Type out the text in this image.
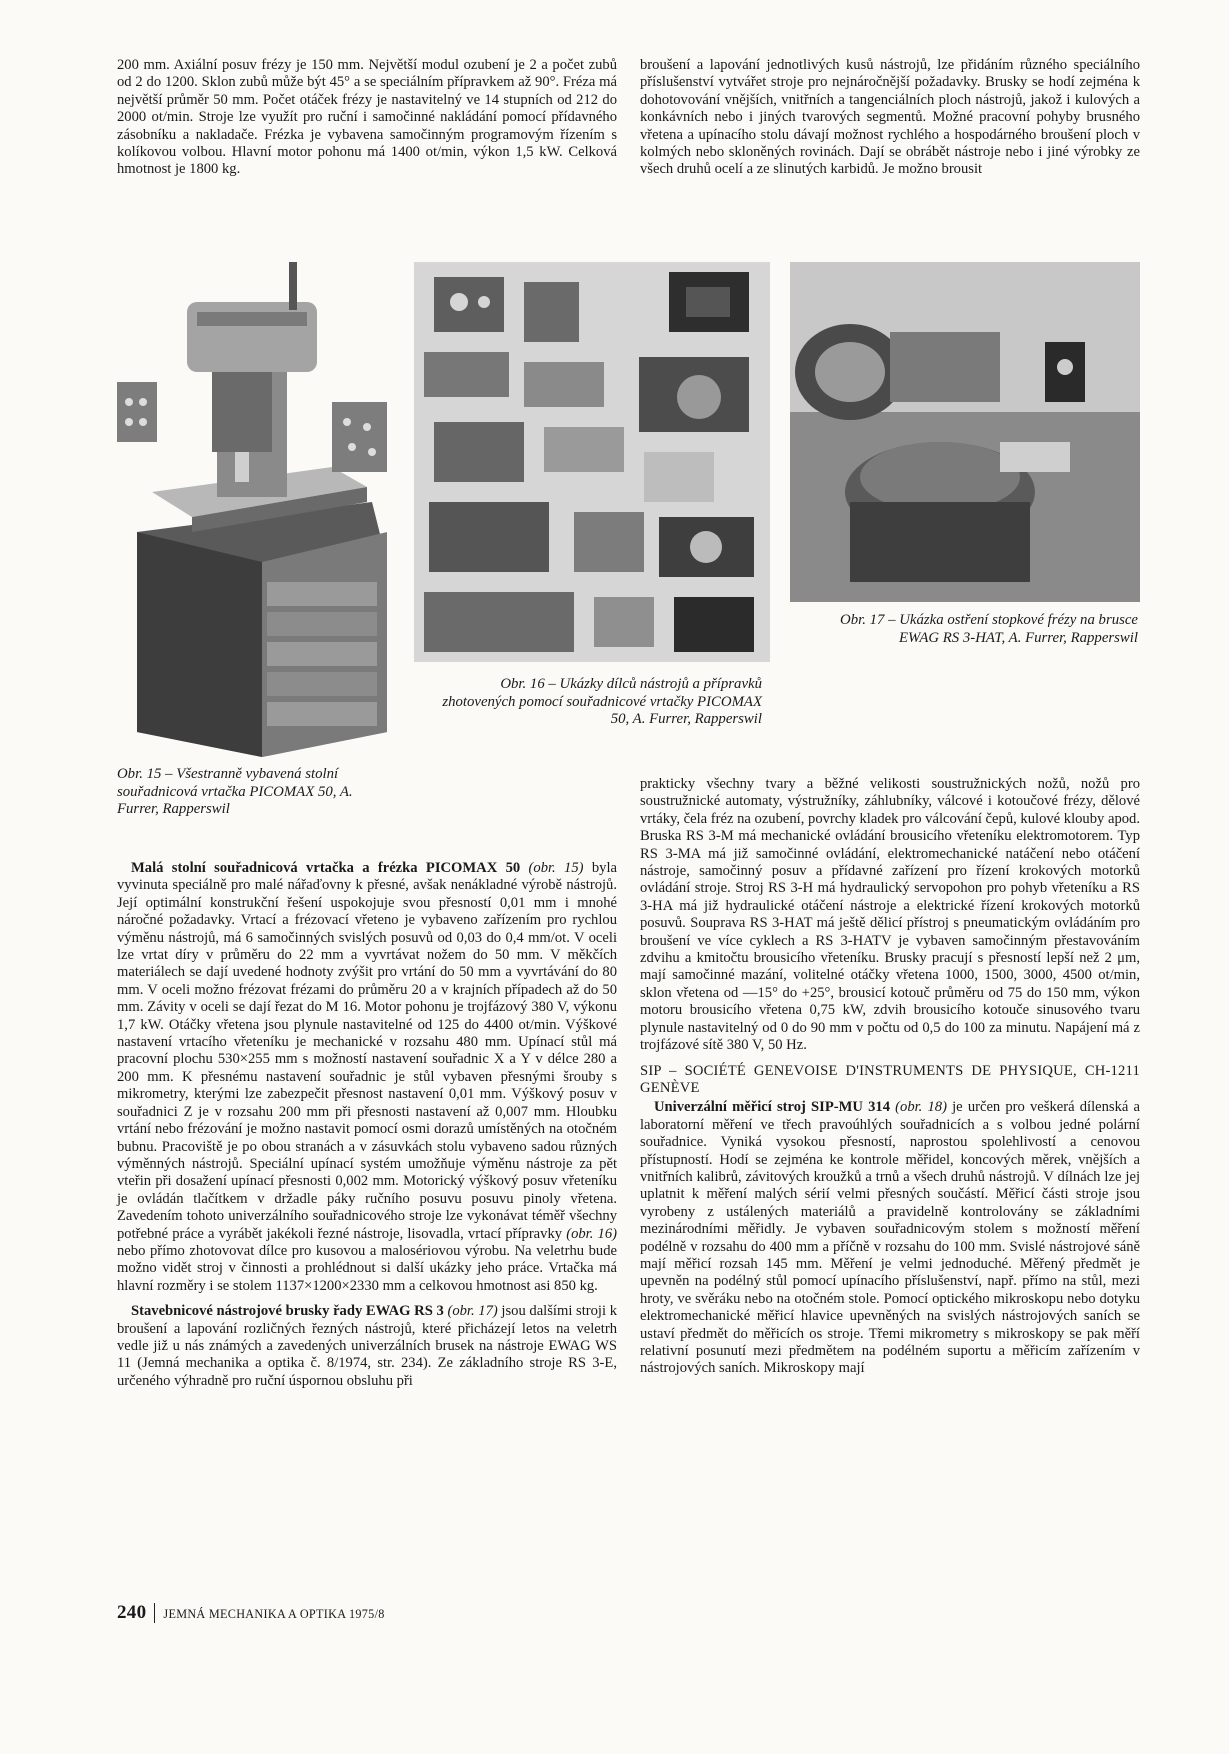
200 mm. Axiální posuv frézy je 150 mm. Největší modul ozubení je 2 a počet zubů od 2 do 1200. Sklon zubů může být 45° a se speciálním přípravkem až 90°. Fréza má největší průměr 50 mm. Počet otáček frézy je nastavitelný ve 14 stupních od 212 do 2000 ot/min. Stroje lze využít pro ruční i samočinné nakládání pomocí přídavného zásobníku a nakladače. Frézka je vybavena samočinným programovým řízením s kolíkovou volbou. Hlavní motor pohonu má 1400 ot/min, výkon 1,5 kW. Celková hmotnost je 1800 kg.

broušení a lapování jednotlivých kusů nástrojů, lze přidáním různého speciálního příslušenství vytvářet stroje pro nejnáročnější požadavky. Brusky se hodí zejména k dohotovování vnějších, vnitřních a tangenciálních ploch nástrojů, jakož i kulových a konkávních nebo i jiných tvarových segmentů. Možné pracovní pohyby brusného vřetena a upínacího stolu dávají možnost rychlého a hospodárného broušení ploch v kolmých nebo skloněných rovinách. Dají se obrábět nástroje nebo i jiné výrobky ze všech druhů ocelí a ze slinutých karbidů. Je možno brousit

Obr. 17 – Ukázka ostření stopkové frézy na brusce EWAG RS 3-HAT, A. Furrer, Rapperswil
Obr. 16 – Ukázky dílců nástrojů a přípravků zhotovených pomocí souřadnicové vrtačky PICOMAX 50, A. Furrer, Rapperswil
Obr. 15 – Všestranně vybavená stolní souřadnicová vrtačka PICOMAX 50, A. Furrer, Rapperswil

Malá stolní souřadnicová vrtačka a frézka PICOMAX 50 (obr. 15) byla vyvinuta speciálně pro malé nářaďovny k přesné, avšak nenákladné výrobě nástrojů. Její optimální konstrukční řešení uspokojuje svou přesností 0,01 mm i mnohé náročné požadavky. Vrtací a frézovací vřeteno je vybaveno zařízením pro rychlou výměnu nástrojů, má 6 samočinných svislých posuvů od 0,03 do 0,4 mm/ot. V oceli lze vrtat díry v průměru do 22 mm a vyvrtávat nožem do 50 mm. V měkčích materiálech se dají uvedené hodnoty zvýšit pro vrtání do 50 mm a vyvrtávání do 80 mm. V oceli možno frézovat frézami do průměru 20 a v krajních případech až do 50 mm. Závity v oceli se dají řezat do M 16. Motor pohonu je trojfázový 380 V, výkonu 1,7 kW. Otáčky vřetena jsou plynule nastavitelné od 125 do 4400 ot/min. Výškové nastavení vrtacího vřeteníku je mechanické v rozsahu 480 mm. Upínací stůl má pracovní plochu 530×255 mm s možností nastavení souřadnic X a Y v délce 280 a 200 mm. K přesnému nastavení souřadnic je stůl vybaven přesnými šrouby s mikrometry, kterými lze zabezpečit přesnost nastavení 0,01 mm. Výškový posuv v souřadnici Z je v rozsahu 200 mm při přesnosti nastavení až 0,007 mm. Hloubku vrtání nebo frézování je možno nastavit pomocí osmi dorazů umístěných na otočném bubnu. Pracoviště je po obou stranách a v zásuvkách stolu vybaveno sadou různých výměnných nástrojů. Speciální upínací systém umožňuje výměnu nástroje za pět vteřin při dosažení upínací přesnosti 0,002 mm. Motorický výškový posuv vřeteníku je ovládán tlačítkem v držadle páky ručního posuvu posuvu pinoly vřetena. Zavedením tohoto univerzálního souřadnicového stroje lze vykonávat téměř všechny potřebné práce a vyrábět jakékoli řezné nástroje, lisovadla, vrtací přípravky (obr. 16) nebo přímo zhotovovat dílce pro kusovou a malosériovou výrobu. Na veletrhu bude možno vidět stroj v činnosti a prohlédnout si další ukázky jeho práce. Vrtačka má hlavní rozměry i se stolem 1137×1200×2330 mm a celkovou hmotnost asi 850 kg.

Stavebnicové nástrojové brusky řady EWAG RS 3 (obr. 17) jsou dalšími stroji k broušení a lapování rozličných řezných nástrojů, které přicházejí letos na veletrh vedle již u nás známých a zavedených univerzálních brusek na nástroje EWAG WS 11 (Jemná mechanika a optika č. 8/1974, str. 234). Ze základního stroje RS 3-E, určeného výhradně pro ruční úspornou obsluhu při

prakticky všechny tvary a běžné velikosti soustružnických nožů, nožů pro soustružnické automaty, výstružníky, záhlubníky, válcové i kotoučové frézy, dělové vrtáky, čela fréz na ozubení, povrchy kladek pro válcování čepů, kulové klouby apod. Bruska RS 3-M má mechanické ovládání brousicího vřeteníku elektromotorem. Typ RS 3-MA má již samočinné ovládání, elektromechanické natáčení nebo otáčení nástroje, samočinný posuv a přídavné zařízení pro řízení krokových motorků ovládání stroje. Stroj RS 3-H má hydraulický servopohon pro pohyb vřeteníku a RS 3-HA má již hydraulické otáčení nástroje a elektrické řízení krokových motorků posuvů. Souprava RS 3-HAT má ještě dělicí přístroj s pneumatickým ovládáním pro broušení ve více cyklech a RS 3-HATV je vybaven samočinným přestavováním zdvihu a kmitočtu brousicího vřeteníku. Brusky pracují s přesností lepší než 2 μm, mají samočinné mazání, volitelné otáčky vřetena 1000, 1500, 3000, 4500 ot/min, sklon vřetena od —15° do +25°, brousicí kotouč průměru od 75 do 150 mm, výkon motoru brousicího vřetena 0,75 kW, zdvih brousicího kotouče sinusového tvaru plynule nastavitelný od 0 do 90 mm v počtu od 0,5 do 100 za minutu. Napájení má z trojfázové sítě 380 V, 50 Hz.

SIP – SOCIÉTÉ GENEVOISE D'INSTRUMENTS DE PHYSIQUE, CH-1211 GENÈVE

Univerzální měřicí stroj SIP-MU 314 (obr. 18) je určen pro veškerá dílenská a laboratorní měření ve třech pravoúhlých souřadnicích a s volbou jedné polární souřadnice. Vyniká vysokou přesností, naprostou spolehlivostí a cenovou přístupností. Hodí se zejména ke kontrole měřidel, koncových měrek, vnějších a vnitřních kalibrů, závitových kroužků a trnů a všech druhů nástrojů. V dílnách lze jej uplatnit k měření malých sérií velmi přesných součástí. Měřicí části stroje jsou vyrobeny z ustálených materiálů a pravidelně kontrolovány se základními mezinárodními měřidly. Je vybaven souřadnicovým stolem s možností měření podélně v rozsahu do 400 mm a příčně v rozsahu do 100 mm. Svislé nástrojové sáně mají měřicí rozsah 145 mm. Měření je velmi jednoduché. Měřený předmět je upevněn na podélný stůl pomocí upínacího příslušenství, např. přímo na stůl, mezi hroty, ve svěráku nebo na otočném stole. Pomocí optického mikroskopu nebo dotyku elektromechanické měřicí hlavice upevněných na svislých nástrojových saních se ustaví předmět do měřicích os stroje. Třemi mikrometry s mikroskopy se pak měří relativní posunutí mezi předmětem na podélném suportu a měřicím zařízením v nástrojových saních. Mikroskopy mají

240 JEMNÁ MECHANIKA A OPTIKA 1975/8
